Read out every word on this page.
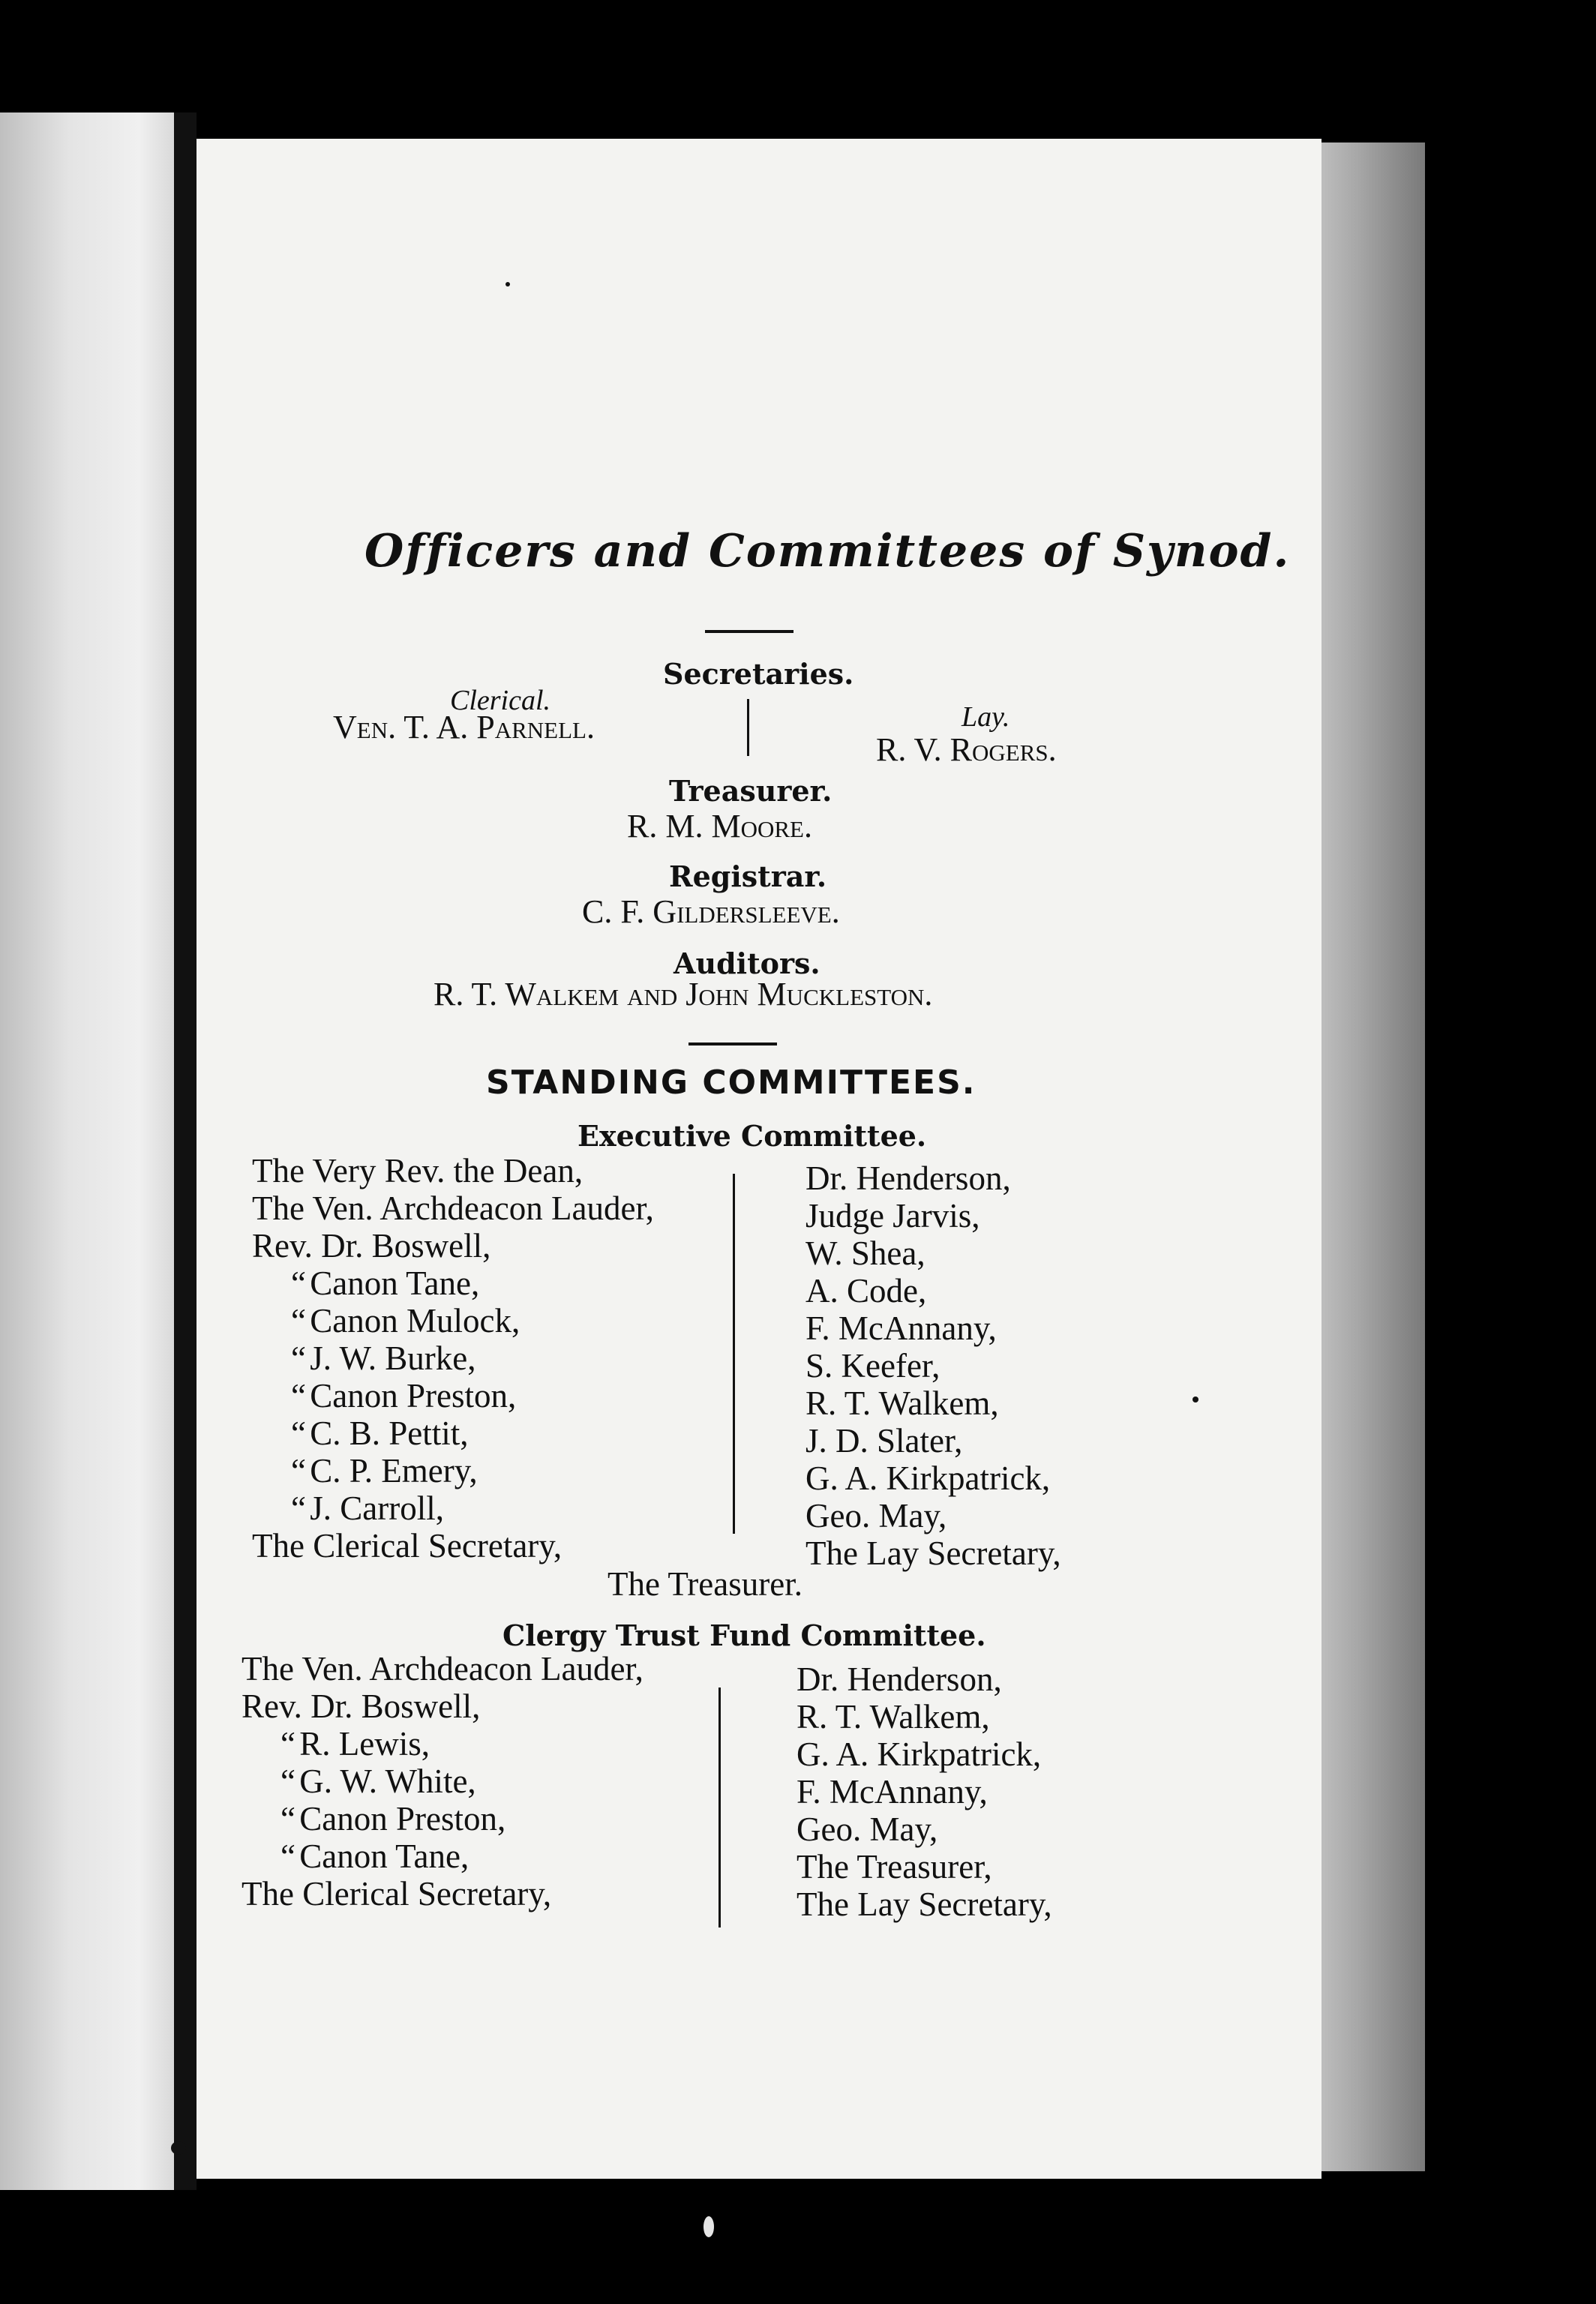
Officers and Committees of Synod.
Secretaries.
Clerical.
Lay.
Ven. T. A. Parnell.
R. V. Rogers.
Treasurer.
R. M. Moore.
Registrar.
C. F. Gildersleeve.
Auditors.
R. T. Walkem and John Muckleston.
STANDING COMMITTEES.
Executive Committee.
The Very Rev. the Dean,
The Ven. Archdeacon Lauder,
Rev. Dr. Boswell,
“ Canon Tane,
“ Canon Mulock,
“ J. W. Burke,
“ Canon Preston,
“ C. B. Pettit,
“ C. P. Emery,
“ J. Carroll,
The Clerical Secretary,
Dr. Henderson,
Judge Jarvis,
W. Shea,
A. Code,
F. McAnnany,
S. Keefer,
R. T. Walkem,
J. D. Slater,
G. A. Kirkpatrick,
Geo. May,
The Lay Secretary,
The Treasurer.
Clergy Trust Fund Committee.
The Ven. Archdeacon Lauder,
Rev. Dr. Boswell,
“ R. Lewis,
“ G. W. White,
“ Canon Preston,
“ Canon Tane,
The Clerical Secretary,
Dr. Henderson,
R. T. Walkem,
G. A. Kirkpatrick,
F. McAnnany,
Geo. May,
The Treasurer,
The Lay Secretary,
